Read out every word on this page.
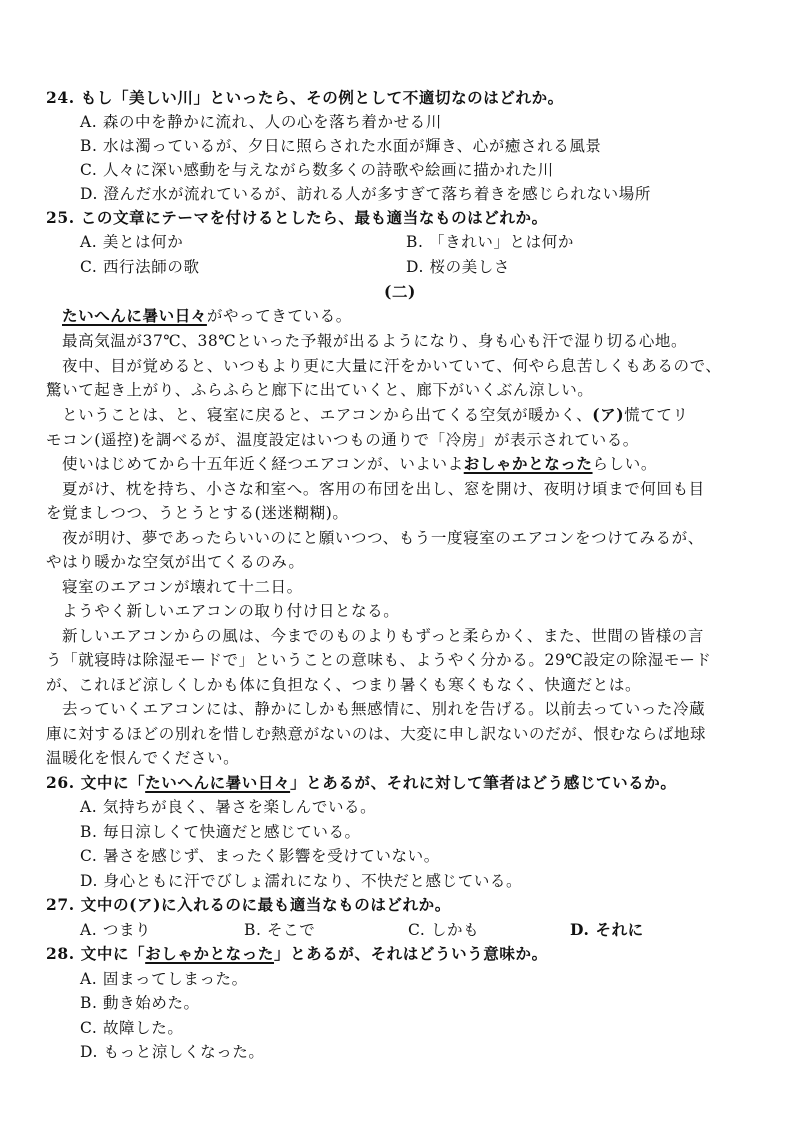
24. もし「美しい川」といったら、その例として不適切なのはどれか。
A. 森の中を静かに流れ、人の心を落ち着かせる川
B. 水は濁っているが、夕日に照らされた水面が輝き、心が癒される風景
C. 人々に深い感動を与えながら数多くの詩歌や絵画に描かれた川
D. 澄んだ水が流れているが、訪れる人が多すぎて落ち着きを感じられない場所
25. この文章にテーマを付けるとしたら、最も適当なものはどれか。
A. 美とは何か	B. 「きれい」とは何か
C. 西行法師の歌	D. 桜の美しさ
(二)
たいへんに暑い日々がやってきている。
最高気温が37℃、38℃といった予報が出るようになり、身も心も汗で湿り切る心地。
夜中、目が覚めると、いつもより更に大量に汗をかいていて、何やら息苦しくもあるので、
驚いて起き上がり、ふらふらと廊下に出ていくと、廊下がいくぶん涼しい。
ということは、と、寝室に戻ると、エアコンから出てくる空気が暖かく、(ア)慌ててリ
モコン(遥控)を調べるが、温度設定はいつもの通りで「冷房」が表示されている。
使いはじめてから十五年近く経つエアコンが、いよいよおしゃかとなったらしい。
夏がけ、枕を持ち、小さな和室へ。客用の布団を出し、窓を開け、夜明け頃まで何回も目
を覚ましつつ、うとうとする(迷迷糊糊)。
夜が明け、夢であったらいいのにと願いつつ、もう一度寝室のエアコンをつけてみるが、
やはり暖かな空気が出てくるのみ。
寝室のエアコンが壊れて十二日。
ようやく新しいエアコンの取り付け日となる。
新しいエアコンからの風は、今までのものよりもずっと柔らかく、また、世間の皆様の言
う「就寝時は除湿モードで」ということの意味も、ようやく分かる。29℃設定の除湿モード
が、これほど涼しくしかも体に負担なく、つまり暑くも寒くもなく、快適だとは。
去っていくエアコンには、静かにしかも無感情に、別れを告げる。以前去っていった冷蔵
庫に対するほどの別れを惜しむ熱意がないのは、大変に申し訳ないのだが、恨むならば地球
温暖化を恨んでください。
26. 文中に「たいへんに暑い日々」とあるが、それに対して筆者はどう感じているか。
A. 気持ちが良く、暑さを楽しんでいる。
B. 毎日涼しくて快適だと感じている。
C. 暑さを感じず、まったく影響を受けていない。
D. 身心ともに汗でびしょ濡れになり、不快だと感じている。
27. 文中の(ア)に入れるのに最も適当なものはどれか。
A. つまり	B. そこで	C. しかも	D. それに
28. 文中に「おしゃかとなった」とあるが、それはどういう意味か。
A. 固まってしまった。
B. 動き始めた。
C. 故障した。
D. もっと涼しくなった。
